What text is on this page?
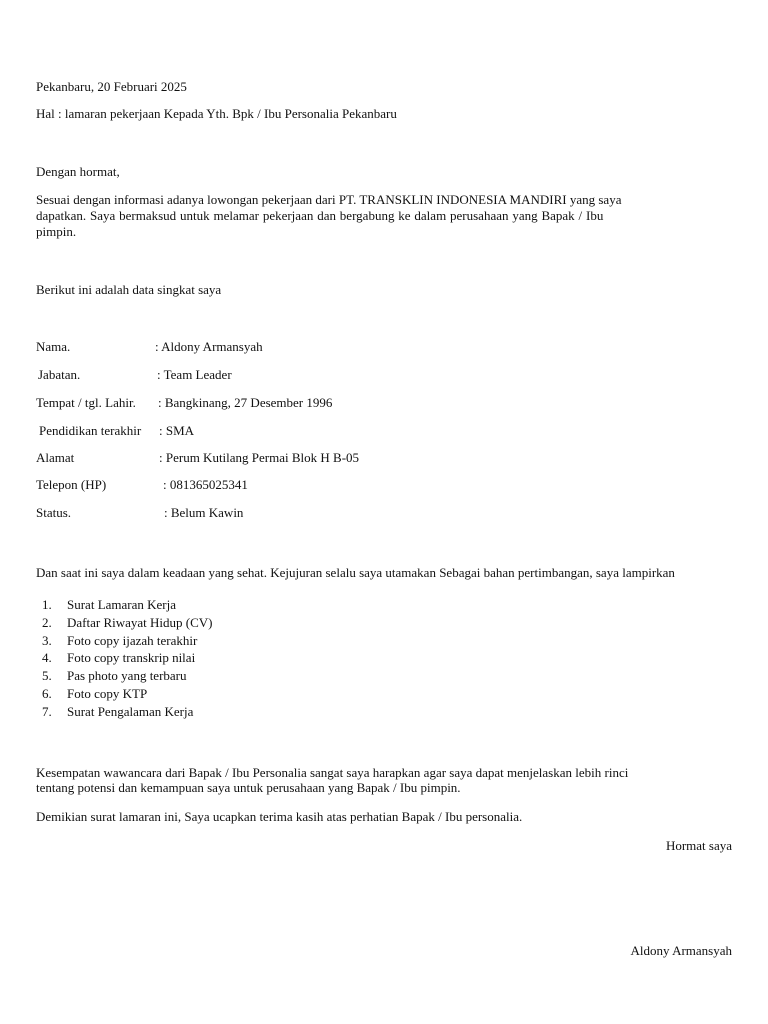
Pekanbaru, 20 Februari 2025
Hal : lamaran pekerjaan Kepada Yth. Bpk / Ibu Personalia Pekanbaru
Dengan hormat,
Sesuai dengan informasi adanya lowongan pekerjaan dari PT. TRANSKLIN INDONESIA MANDIRI yang saya
dapatkan. Saya bermaksud untuk melamar pekerjaan dan bergabung ke dalam perusahaan yang Bapak / Ibu
pimpin.
Berikut ini adalah data singkat saya
Nama.	: Aldony Armansyah
Jabatan.	: Team Leader
Tempat / tgl. Lahir. : Bangkinang, 27 Desember 1996
Pendidikan terakhir : SMA
Alamat	: Perum Kutilang Permai Blok H B-05
Telepon (HP)	: 081365025341
Status.	: Belum Kawin
Dan saat ini saya dalam keadaan yang sehat. Kejujuran selalu saya utamakan Sebagai bahan pertimbangan, saya lampirkan
1.	Surat Lamaran Kerja
2.	Daftar Riwayat Hidup (CV)
3.	Foto copy ijazah terakhir
4.	Foto copy transkrip nilai
5.	Pas photo yang terbaru
6.	Foto copy KTP
7.	Surat Pengalaman Kerja
Kesempatan wawancara dari Bapak / Ibu Personalia sangat saya harapkan agar saya dapat menjelaskan lebih rinci
tentang potensi dan kemampuan saya untuk perusahaan yang Bapak / Ibu pimpin.
Demikian surat lamaran ini, Saya ucapkan terima kasih atas perhatian Bapak / Ibu personalia.
Hormat saya
Aldony Armansyah
